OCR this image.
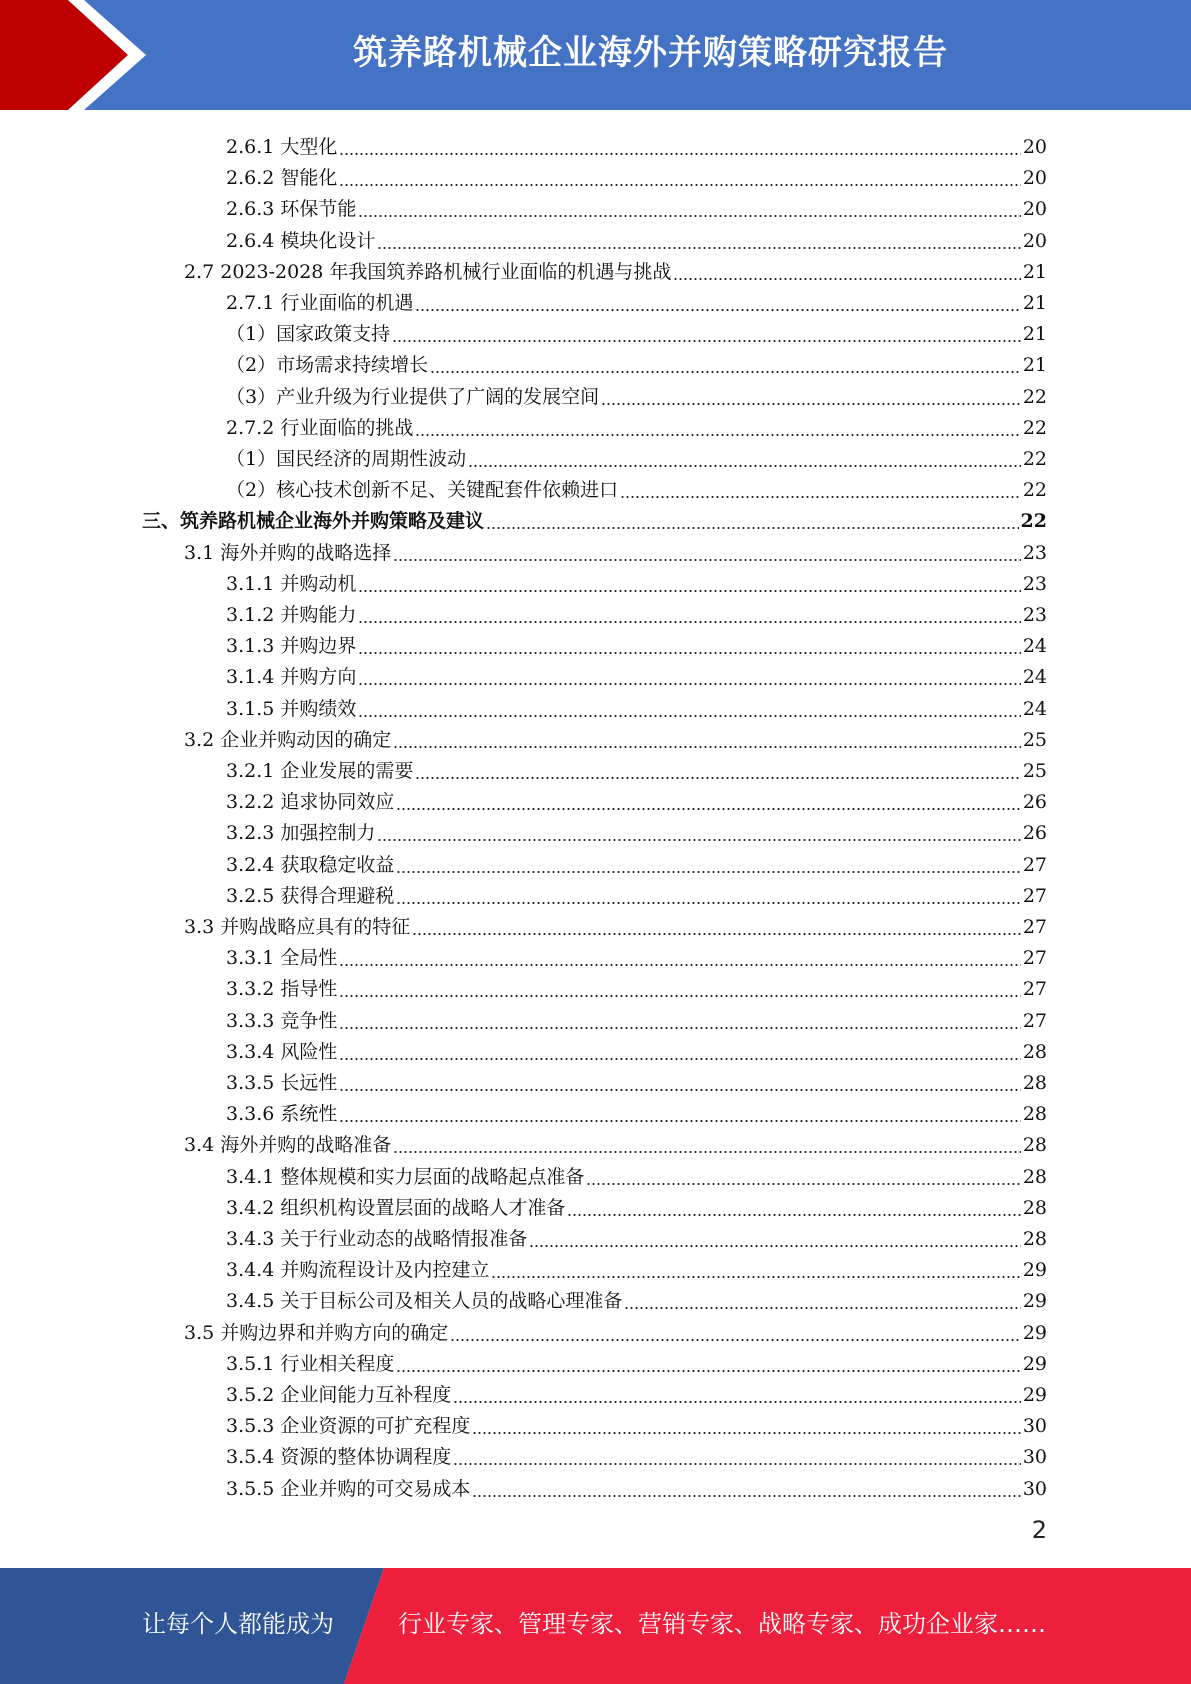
筑养路机械企业海外并购策略研究报告
2.6.1 大型化	20
2.6.2 智能化	20
2.6.3 环保节能	20
2.6.4 模块化设计	20
2.7 2023-2028 年我国筑养路机械行业面临的机遇与挑战	21
2.7.1 行业面临的机遇	21
（1）国家政策支持	21
（2）市场需求持续增长	21
（3）产业升级为行业提供了广阔的发展空间	22
2.7.2 行业面临的挑战	22
（1）国民经济的周期性波动	22
（2）核心技术创新不足、关键配套件依赖进口	22
三、筑养路机械企业海外并购策略及建议	22
3.1 海外并购的战略选择	23
3.1.1 并购动机	23
3.1.2 并购能力	23
3.1.3 并购边界	24
3.1.4 并购方向	24
3.1.5 并购绩效	24
3.2 企业并购动因的确定	25
3.2.1 企业发展的需要	25
3.2.2 追求协同效应	26
3.2.3 加强控制力	26
3.2.4 获取稳定收益	27
3.2.5 获得合理避税	27
3.3 并购战略应具有的特征	27
3.3.1 全局性	27
3.3.2 指导性	27
3.3.3 竞争性	27
3.3.4 风险性	28
3.3.5 长远性	28
3.3.6 系统性	28
3.4 海外并购的战略准备	28
3.4.1 整体规模和实力层面的战略起点准备	28
3.4.2 组织机构设置层面的战略人才准备	28
3.4.3 关于行业动态的战略情报准备	28
3.4.4 并购流程设计及内控建立	29
3.4.5 关于目标公司及相关人员的战略心理准备	29
3.5 并购边界和并购方向的确定	29
3.5.1 行业相关程度	29
3.5.2 企业间能力互补程度	29
3.5.3 企业资源的可扩充程度	30
3.5.4 资源的整体协调程度	30
3.5.5 企业并购的可交易成本	30
2
让每个人都能成为	行业专家、管理专家、营销专家、战略专家、成功企业家……
